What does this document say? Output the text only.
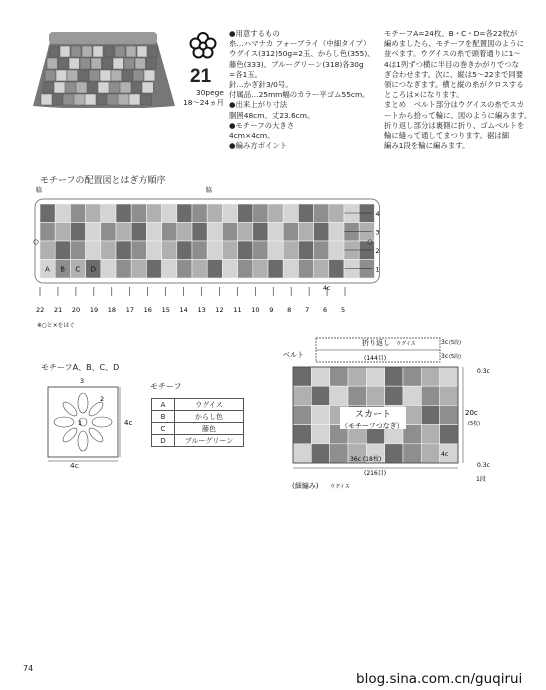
21
30pege
18～24ヵ月
●用意するもの
糸…ハマナカ フォーブライ（中細タイプ）
ウグイス(312)50g=2玉、からし色(355)、
藤色(333)、ブルーグリーン(318)各30g
=各1玉。
針…かぎ針3/0号。
付属品…25mm幅のカラー平ゴム55cm。
●出来上がり寸法
胴囲48cm、丈23.6cm。
●モチーフの大きさ
4cm×4cm。
●編み方ポイント
モチーフA=24枚、B・C・D=各22枚が
編めましたら、モチーフを配置図のように
並べます。ウグイスの糸で頭着通りに1～
4は1列ずつ横に半目の巻きかがりでつな
ぎ合わせます。次に、縦は5～22まで同要
領につなぎます。横と縦の糸がクロスする
ところは×になります。
まとめ　ベルト部分はウグイスの糸でスカ
ートから拾って輪に、図のように編みます。
折り返し部分は裏側に折り、ゴムベルトを
輪に縫って通してまつります。裾は細
編み1段を輪に編みます。
モチーフの配置図とはぎ方順序
A B C D
4
3
2
1
22 21 20 19 18 17 16 15 14 13 12 11 10 9 8 7 6 5
脇	脇
4c
※○と×をはぐ
モチーフA、B、C、D
3
2
1	4c
4c
モチーフ
A	ウグイス
B	からし色
C	藤色
D	ブルーグリーン
ベルト
折り返し ウグイス
(144目)
3c (5段)
3c (5段)
スカート
（モチーフつなぎ）
0.3c
20c
(5枚)
0.3c
1段
4c
36c (18枚)
(216目)
(細編み) ウグイス
74
blog.sina.com.cn/guqirui
